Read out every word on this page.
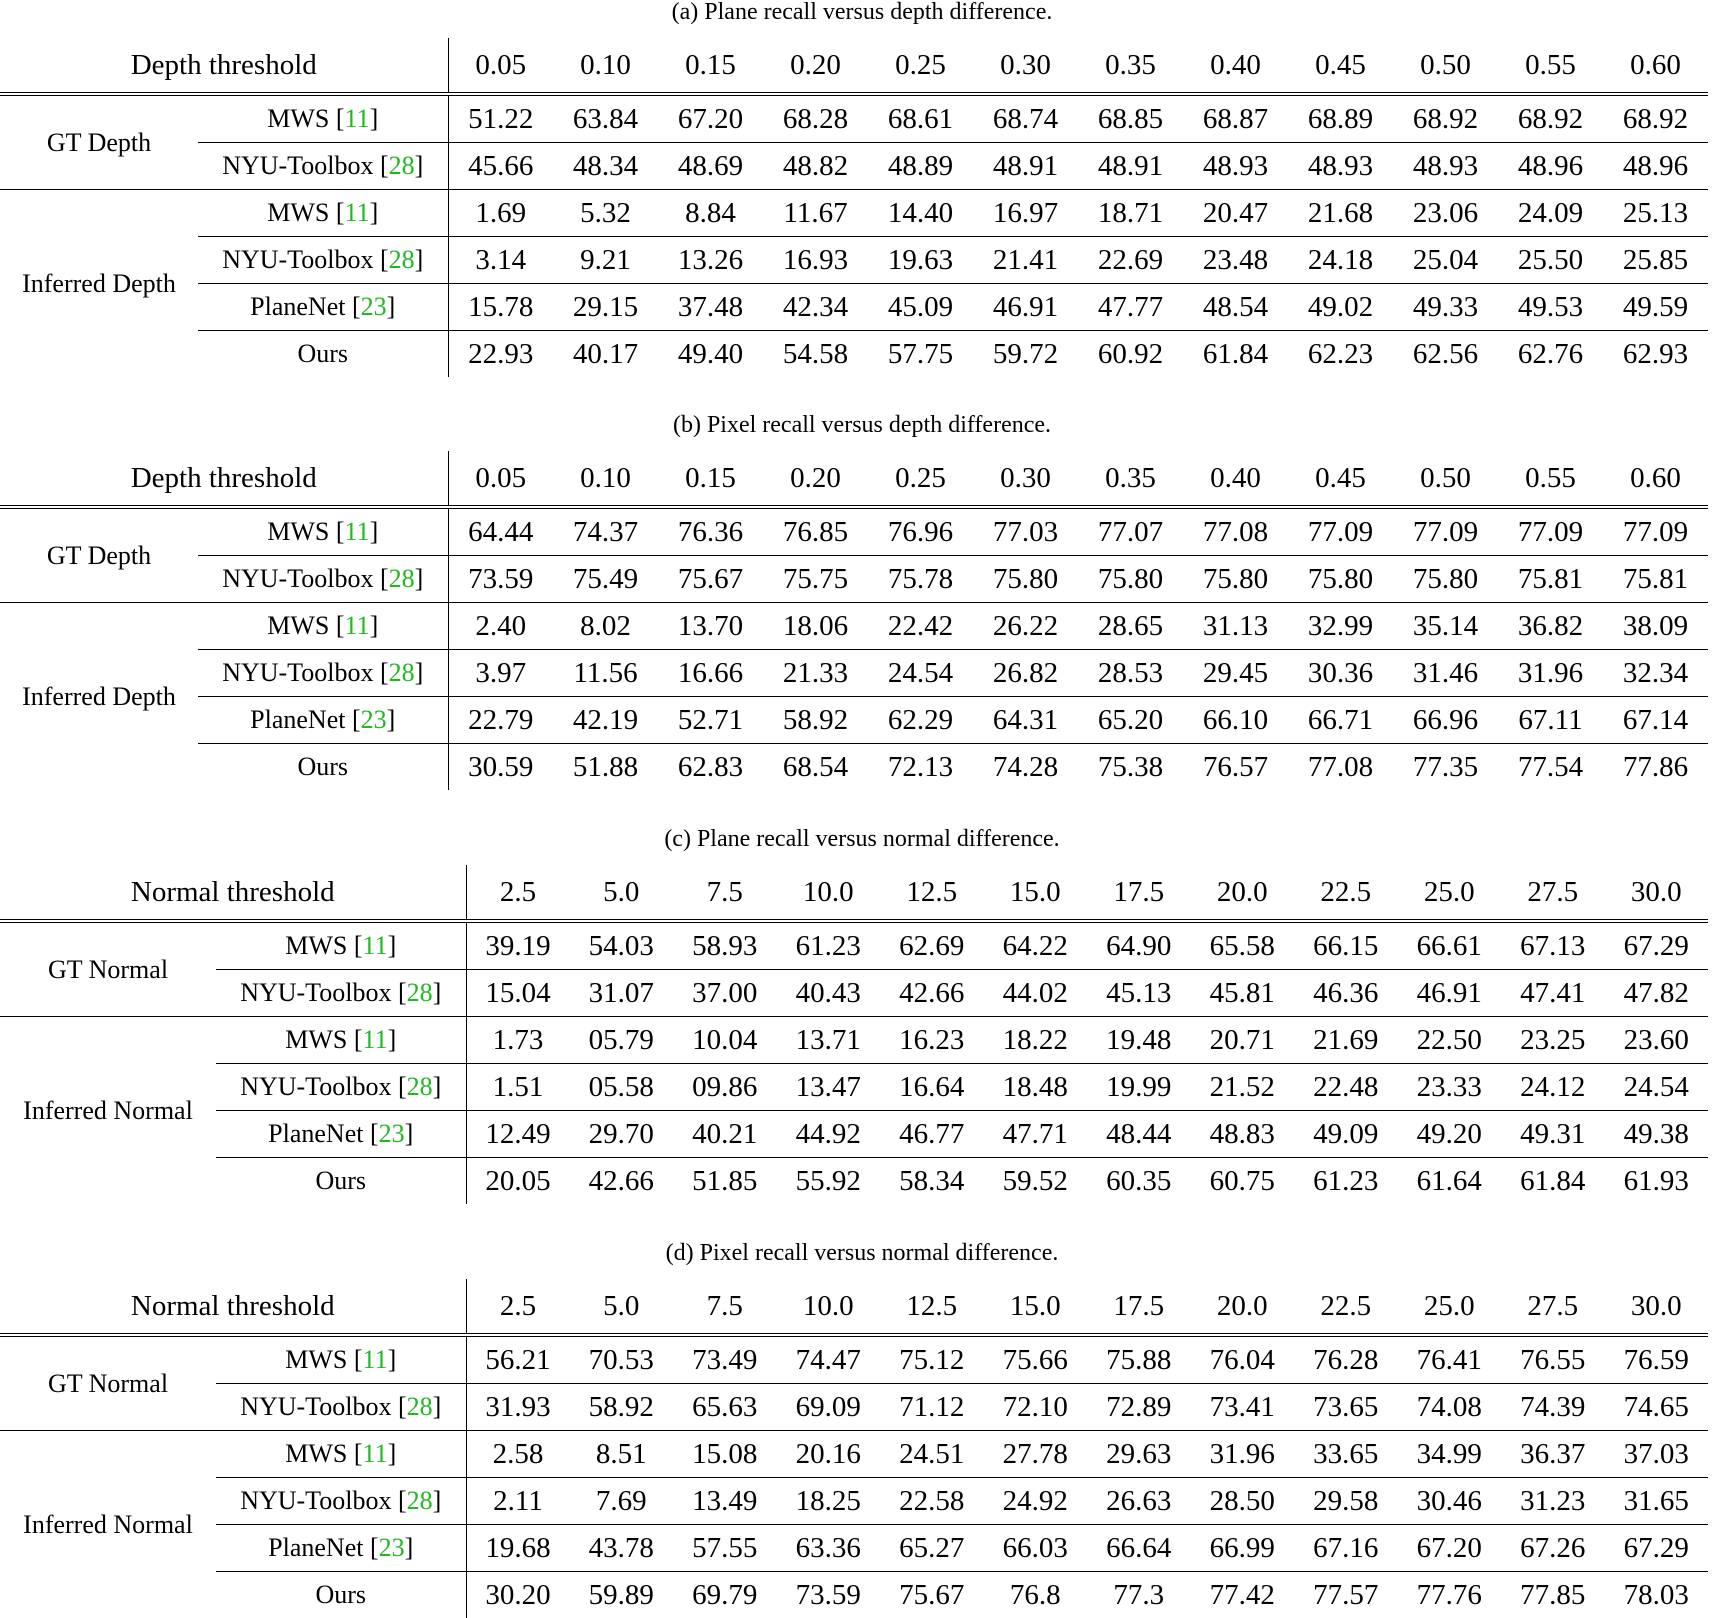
(a) Plane recall versus depth difference.
Depth threshold		0.05	0.10	0.15	0.20	0.25	0.30	0.35	0.40	0.45	0.50	0.55	0.60
GT Depth	MWS [11]	51.22	63.84	67.20	68.28	68.61	68.74	68.85	68.87	68.89	68.92	68.92	68.92
	NYU-Toolbox [28]	45.66	48.34	48.69	48.82	48.89	48.91	48.91	48.93	48.93	48.93	48.96	48.96
Inferred Depth	MWS [11]	1.69	5.32	8.84	11.67	14.40	16.97	18.71	20.47	21.68	23.06	24.09	25.13
	NYU-Toolbox [28]	3.14	9.21	13.26	16.93	19.63	21.41	22.69	23.48	24.18	25.04	25.50	25.85
	PlaneNet [23]	15.78	29.15	37.48	42.34	45.09	46.91	47.77	48.54	49.02	49.33	49.53	49.59
	Ours	22.93	40.17	49.40	54.58	57.75	59.72	60.92	61.84	62.23	62.56	62.76	62.93
(b) Pixel recall versus depth difference.
Depth threshold		0.05	0.10	0.15	0.20	0.25	0.30	0.35	0.40	0.45	0.50	0.55	0.60
GT Depth	MWS [11]	64.44	74.37	76.36	76.85	76.96	77.03	77.07	77.08	77.09	77.09	77.09	77.09
	NYU-Toolbox [28]	73.59	75.49	75.67	75.75	75.78	75.80	75.80	75.80	75.80	75.80	75.81	75.81
Inferred Depth	MWS [11]	2.40	8.02	13.70	18.06	22.42	26.22	28.65	31.13	32.99	35.14	36.82	38.09
	NYU-Toolbox [28]	3.97	11.56	16.66	21.33	24.54	26.82	28.53	29.45	30.36	31.46	31.96	32.34
	PlaneNet [23]	22.79	42.19	52.71	58.92	62.29	64.31	65.20	66.10	66.71	66.96	67.11	67.14
	Ours	30.59	51.88	62.83	68.54	72.13	74.28	75.38	76.57	77.08	77.35	77.54	77.86
(c) Plane recall versus normal difference.
Normal threshold		2.5	5.0	7.5	10.0	12.5	15.0	17.5	20.0	22.5	25.0	27.5	30.0
GT Normal	MWS [11]	39.19	54.03	58.93	61.23	62.69	64.22	64.90	65.58	66.15	66.61	67.13	67.29
	NYU-Toolbox [28]	15.04	31.07	37.00	40.43	42.66	44.02	45.13	45.81	46.36	46.91	47.41	47.82
Inferred Normal	MWS [11]	1.73	05.79	10.04	13.71	16.23	18.22	19.48	20.71	21.69	22.50	23.25	23.60
	NYU-Toolbox [28]	1.51	05.58	09.86	13.47	16.64	18.48	19.99	21.52	22.48	23.33	24.12	24.54
	PlaneNet [23]	12.49	29.70	40.21	44.92	46.77	47.71	48.44	48.83	49.09	49.20	49.31	49.38
	Ours	20.05	42.66	51.85	55.92	58.34	59.52	60.35	60.75	61.23	61.64	61.84	61.93
(d) Pixel recall versus normal difference.
Normal threshold		2.5	5.0	7.5	10.0	12.5	15.0	17.5	20.0	22.5	25.0	27.5	30.0
GT Normal	MWS [11]	56.21	70.53	73.49	74.47	75.12	75.66	75.88	76.04	76.28	76.41	76.55	76.59
	NYU-Toolbox [28]	31.93	58.92	65.63	69.09	71.12	72.10	72.89	73.41	73.65	74.08	74.39	74.65
Inferred Normal	MWS [11]	2.58	8.51	15.08	20.16	24.51	27.78	29.63	31.96	33.65	34.99	36.37	37.03
	NYU-Toolbox [28]	2.11	7.69	13.49	18.25	22.58	24.92	26.63	28.50	29.58	30.46	31.23	31.65
	PlaneNet [23]	19.68	43.78	57.55	63.36	65.27	66.03	66.64	66.99	67.16	67.20	67.26	67.29
	Ours	30.20	59.89	69.79	73.59	75.67	76.8	77.3	77.42	77.57	77.76	77.85	78.03
